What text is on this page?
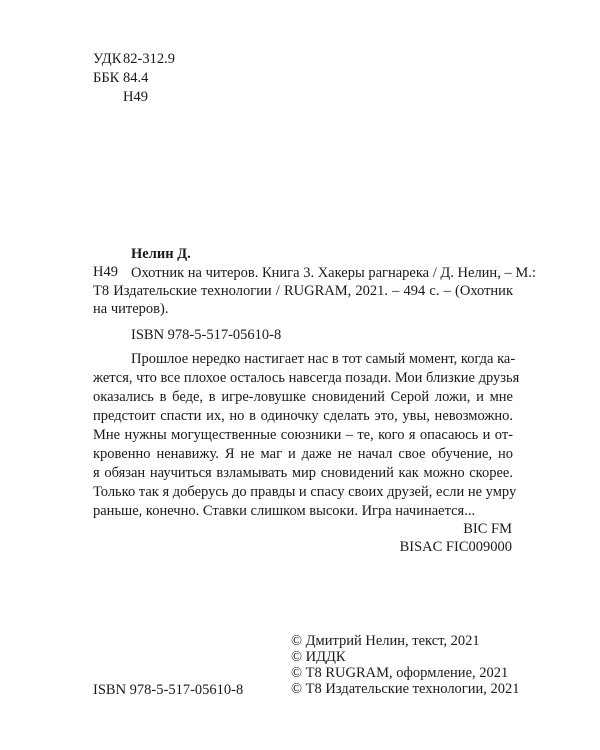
УДК 82-312.9
ББК 84.4
Н49
Нелин Д.
Н49 Охотник на читеров. Книга 3. Хакеры рагнарека / Д. Нелин, – М.:
Т8 Издательские технологии / RUGRAM, 2021. – 494 с. – (Охотник
на читеров).
ISBN 978-5-517-05610-8
Прошлое нередко настигает нас в тот самый момент, когда ка-
жется, что все плохое осталось навсегда позади. Мои близкие друзья
оказались в беде, в игре-ловушке сновидений Серой ложи, и мне
предстоит спасти их, но в одиночку сделать это, увы, невозможно.
Мне нужны могущественные союзники – те, кого я опасаюсь и от-
кровенно ненавижу. Я не маг и даже не начал свое обучение, но
я обязан научиться взламывать мир сновидений как можно скорее.
Только так я доберусь до правды и спасу своих друзей, если не умру
раньше, конечно. Ставки слишком высоки. Игра начинается...
BIC FM
BISAC FIC009000
© Дмитрий Нелин, текст, 2021
© ИДДК
© Т8 RUGRAM, оформление, 2021
© Т8 Издательские технологии, 2021
ISBN 978-5-517-05610-8
